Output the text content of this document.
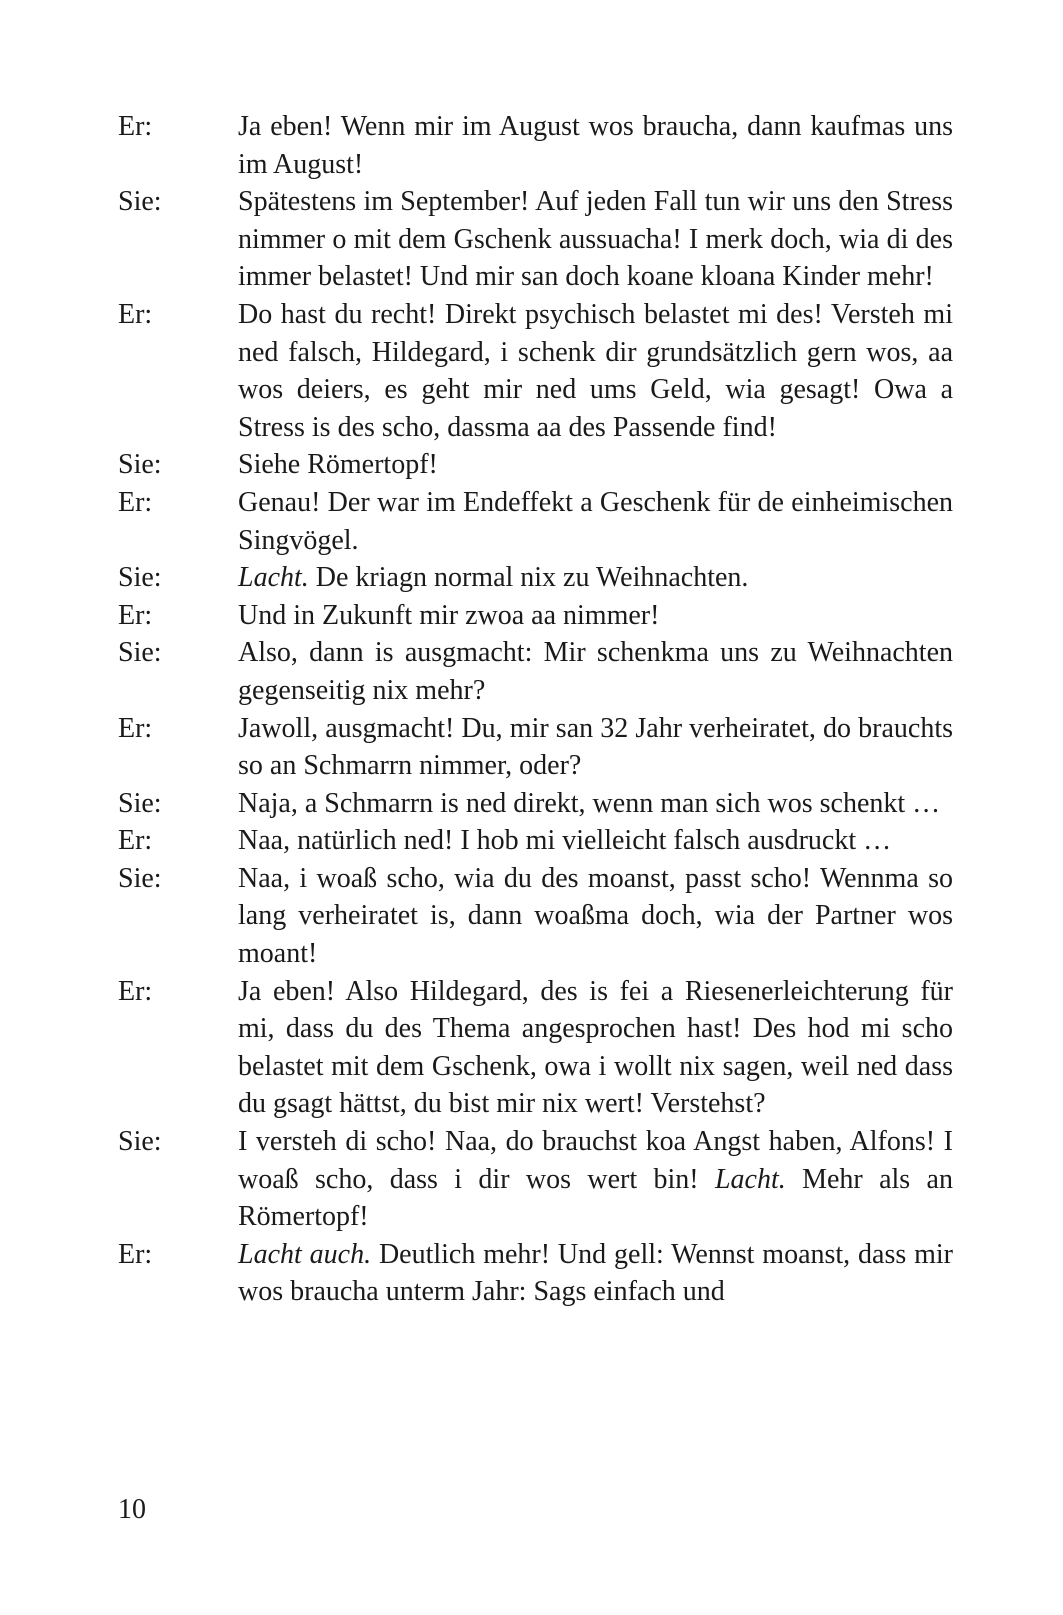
Er:	Ja eben! Wenn mir im August wos braucha, dann kaufmas uns im August!
Sie:	Spätestens im September! Auf jeden Fall tun wir uns den Stress nimmer o mit dem Gschenk aussuacha! I merk doch, wia di des immer belastet! Und mir san doch koane kloana Kinder mehr!
Er:	Do hast du recht! Direkt psychisch belastet mi des! Versteh mi ned falsch, Hildegard, i schenk dir grundsätzlich gern wos, aa wos deiers, es geht mir ned ums Geld, wia gesagt! Owa a Stress is des scho, dassma aa des Passende find!
Sie:	Siehe Römertopf!
Er:	Genau! Der war im Endeffekt a Geschenk für de einheimischen Singvögel.
Sie:	Lacht. De kriagn normal nix zu Weihnachten.
Er:	Und in Zukunft mir zwoa aa nimmer!
Sie:	Also, dann is ausgmacht: Mir schenkma uns zu Weihnachten gegenseitig nix mehr?
Er:	Jawoll, ausgmacht! Du, mir san 32 Jahr verheiratet, do brauchts so an Schmarrn nimmer, oder?
Sie:	Naja, a Schmarrn is ned direkt, wenn man sich wos schenkt …
Er:	Naa, natürlich ned! I hob mi vielleicht falsch ausdruckt …
Sie:	Naa, i woaß scho, wia du des moanst, passt scho! Wennma so lang verheiratet is, dann woaßma doch, wia der Partner wos moant!
Er:	Ja eben! Also Hildegard, des is fei a Riesenerleichterung für mi, dass du des Thema angesprochen hast! Des hod mi scho belastet mit dem Gschenk, owa i wollt nix sagen, weil ned dass du gsagt hättst, du bist mir nix wert! Verstehst?
Sie:	I versteh di scho! Naa, do brauchst koa Angst haben, Alfons! I woaß scho, dass i dir wos wert bin! Lacht. Mehr als an Römertopf!
Er:	Lacht auch. Deutlich mehr! Und gell: Wennst moanst, dass mir wos braucha unterm Jahr: Sags einfach und
10
